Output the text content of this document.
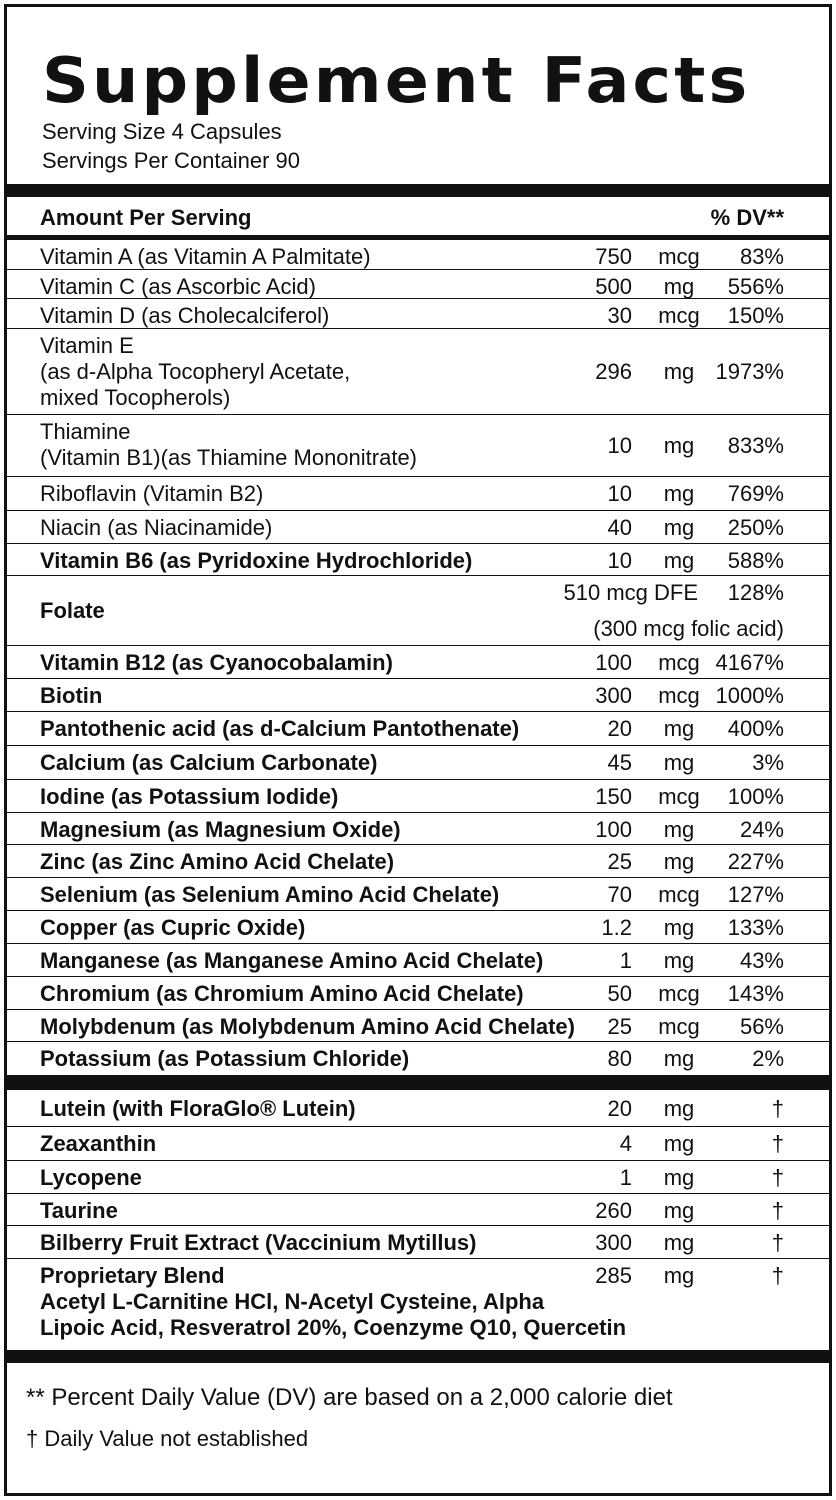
Supplement Facts
Serving Size 4 Capsules
Servings Per Container 90
Amount Per Serving	% DV**
Vitamin A (as Vitamin A Palmitate)	750	mcg	83%
Vitamin C (as Ascorbic Acid)	500	mg	556%
Vitamin D (as Cholecalciferol)	30	mcg	150%
Vitamin E
(as d-Alpha Tocopheryl Acetate,
mixed Tocopherols)
296	mg 1973%
Thiamine
(Vitamin B1)(as Thiamine Mononitrate)	10	mg	833%
Riboflavin (Vitamin B2)	10	mg	769%
Niacin (as Niacinamide)	40	mg	250%
Vitamin B6 (as Pyridoxine Hydrochloride)	10	mg	588%
Folate
510 mcg DFE 128%
(300 mcg folic acid)
Vitamin B12 (as Cyanocobalamin)	100	mcg 4167%
Biotin	300	mcg 1000%
Pantothenic acid (as d-Calcium Pantothenate)	20	mg	400%
Calcium (as Calcium Carbonate)	45	mg	3%
Iodine (as Potassium Iodide)	150	mcg	100%
Magnesium (as Magnesium Oxide)	100	mg	24%
Zinc (as Zinc Amino Acid Chelate)	25	mg	227%
Selenium (as Selenium Amino Acid Chelate)	70	mcg	127%
Copper (as Cupric Oxide)	1.2	mg	133%
Manganese (as Manganese Amino Acid Chelate)	1	mg	43%
Chromium (as Chromium Amino Acid Chelate)	50	mcg	143%
Molybdenum (as Molybdenum Amino Acid Chelate) 25	mcg	56%
Potassium (as Potassium Chloride)	80	mg	2%
Lutein (with FloraGlo® Lutein)	20	mg	†
Zeaxanthin	4	mg	†
Lycopene	1	mg	†
Taurine	260	mg	†
Bilberry Fruit Extract (Vaccinium Mytillus)	300	mg	†
Proprietary Blend
Acetyl L-Carnitine HCl, N-Acetyl Cysteine, Alpha
Lipoic Acid, Resveratrol 20%, Coenzyme Q10, Quercetin
285	mg	†
** Percent Daily Value (DV) are based on a 2,000 calorie diet
† Daily Value not established
